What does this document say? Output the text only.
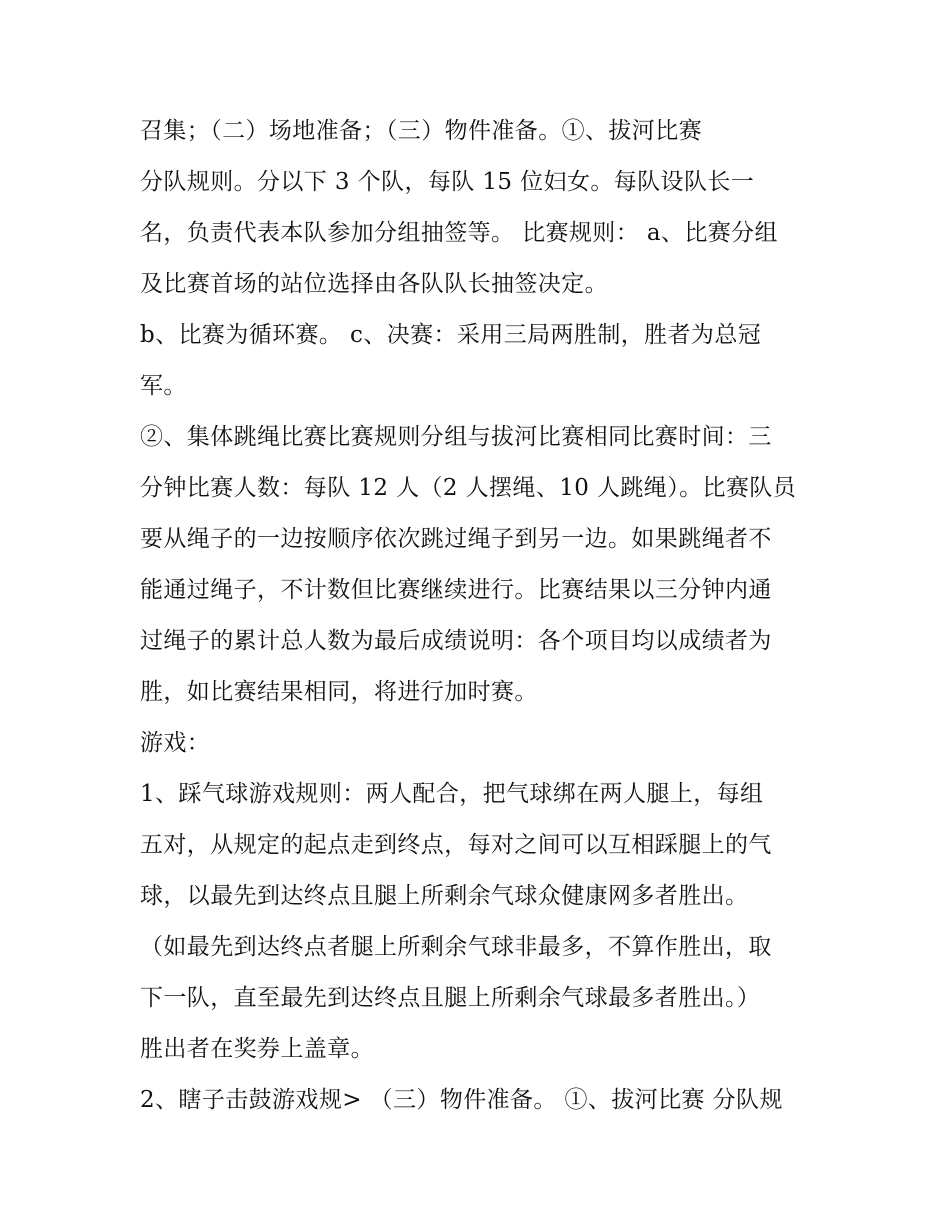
召集；（二）场地准备；（三）物件准备。①、拔河比赛
分队规则。分以下 3 个队，每队 15 位妇女。每队设队长一
名，负责代表本队参加分组抽签等。 比赛规则： a、比赛分组
及比赛首场的站位选择由各队队长抽签决定。
b、比赛为循环赛。 c、决赛：采用三局两胜制，胜者为总冠
军。
②、集体跳绳比赛比赛规则分组与拔河比赛相同比赛时间：三
分钟比赛人数：每队 12 人（2 人摆绳、10 人跳绳）。比赛队员
要从绳子的一边按顺序依次跳过绳子到另一边。如果跳绳者不
能通过绳子，不计数但比赛继续进行。比赛结果以三分钟内通
过绳子的累计总人数为最后成绩说明：各个项目均以成绩者为
胜，如比赛结果相同，将进行加时赛。
游戏：
1、踩气球游戏规则：两人配合，把气球绑在两人腿上，每组
五对，从规定的起点走到终点，每对之间可以互相踩腿上的气
球，以最先到达终点且腿上所剩余气球众健康网多者胜出。
（如最先到达终点者腿上所剩余气球非最多，不算作胜出，取
下一队，直至最先到达终点且腿上所剩余气球最多者胜出。）
胜出者在奖券上盖章。
2、瞎子击鼓游戏规> （三）物件准备。 ①、拔河比赛 分队规
